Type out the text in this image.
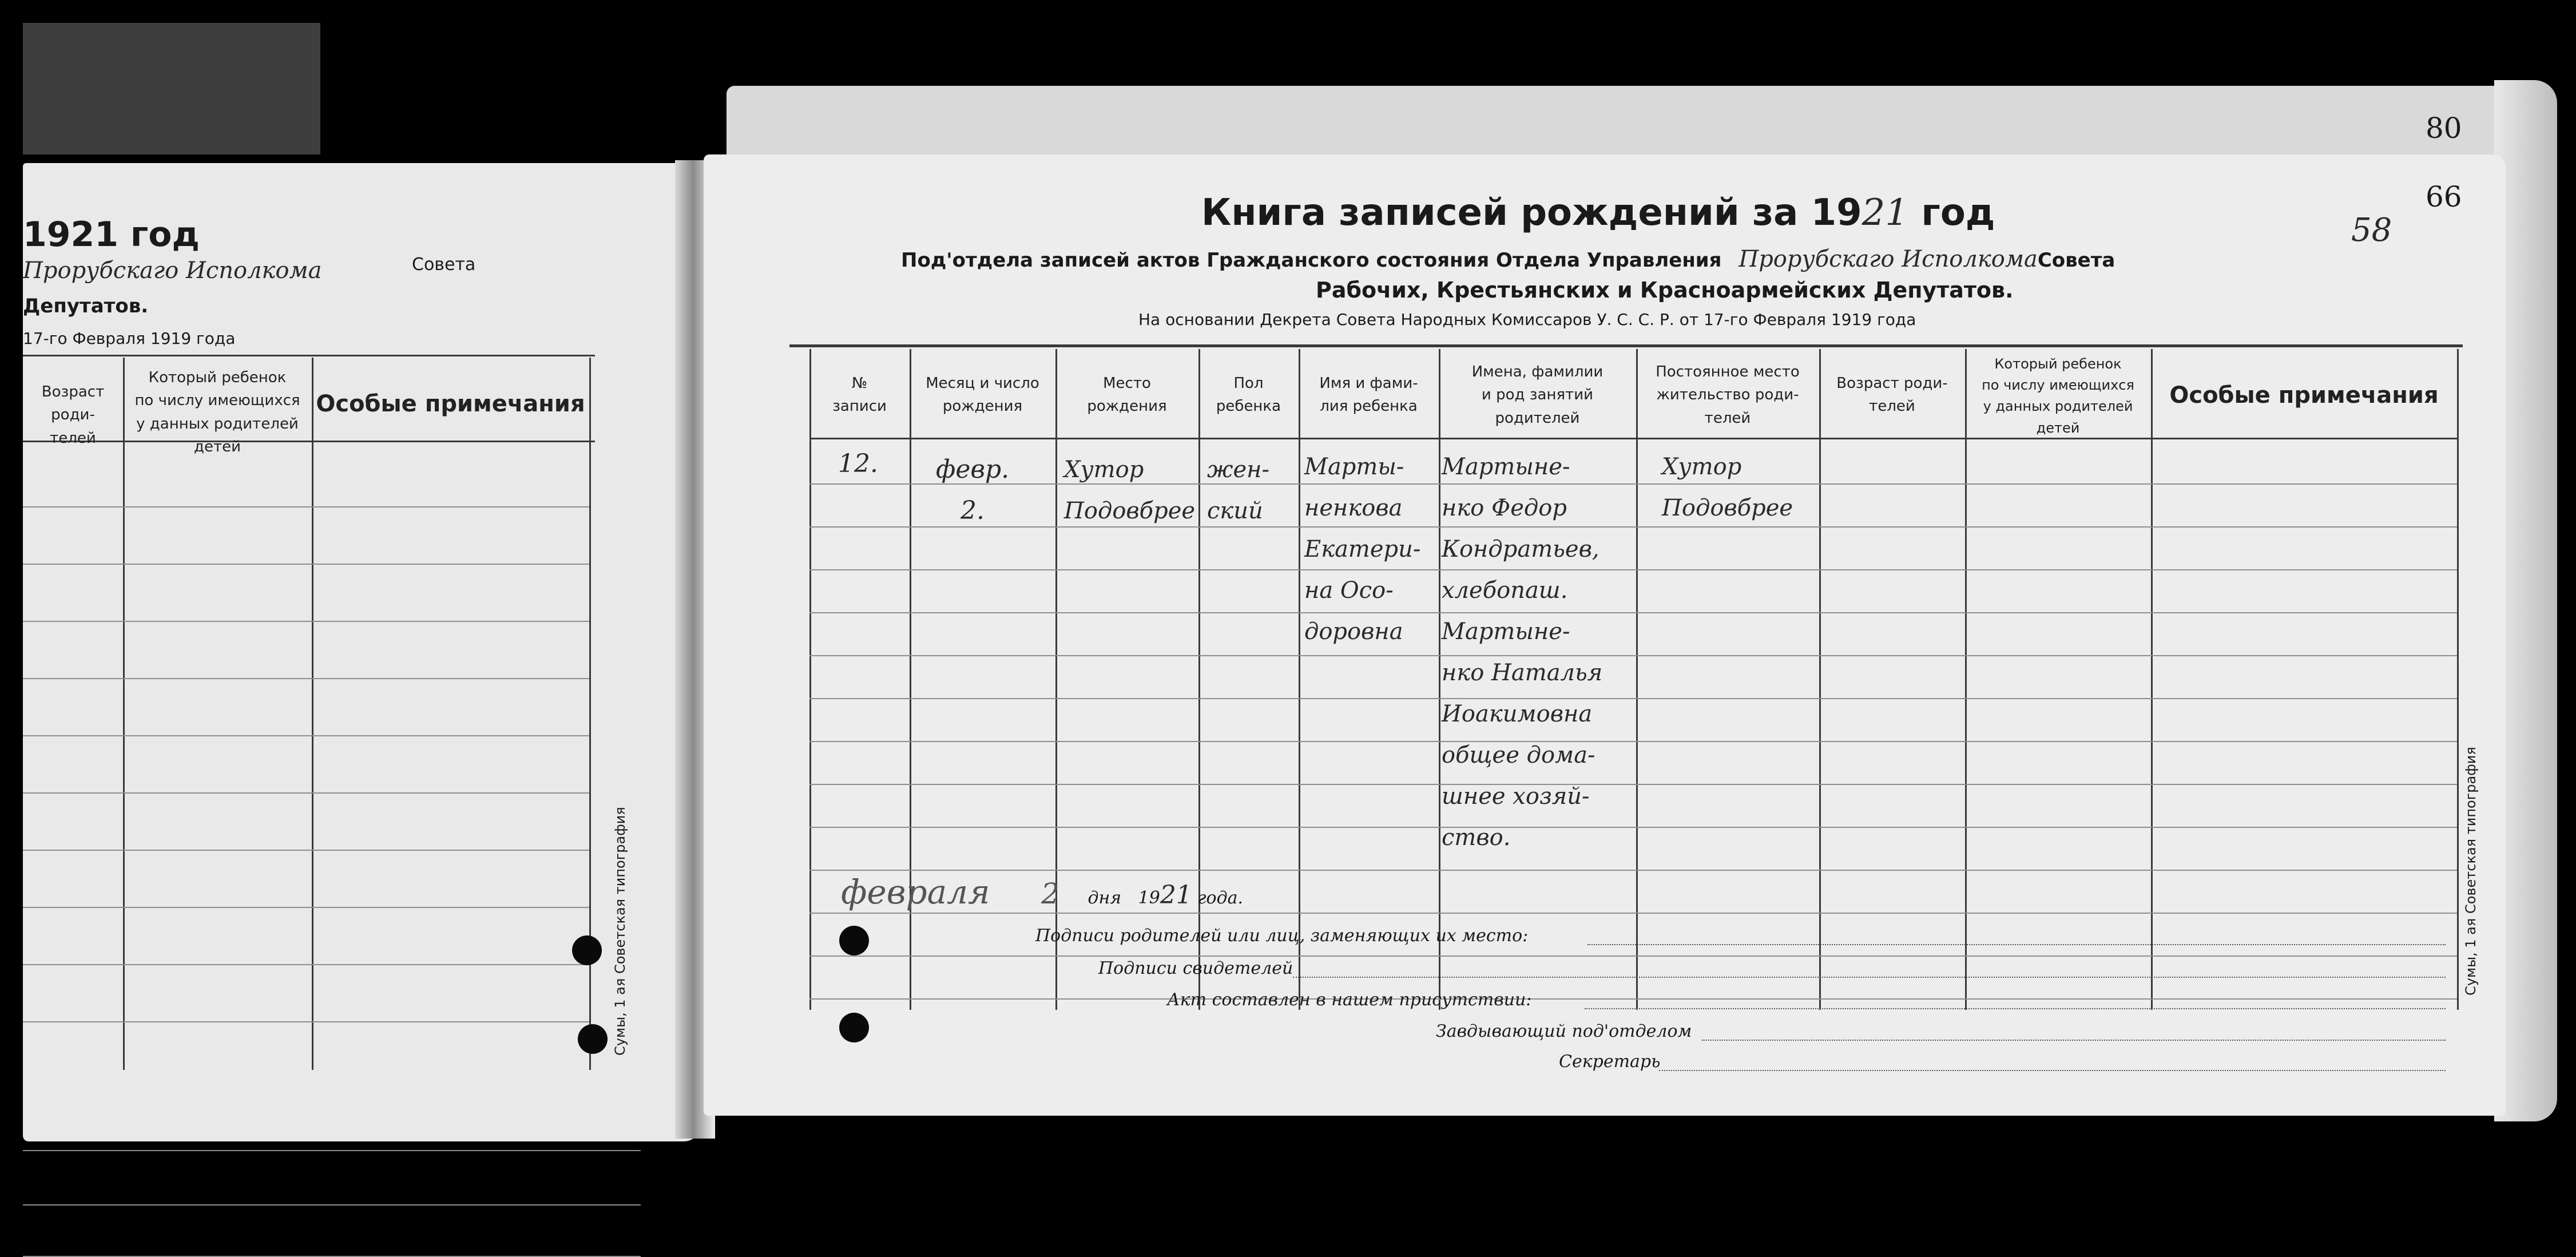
1921 год
Прорубскаго Исполкома	Совета
Депутатов.
17-го Февраля 1919 года
Возраст роди-
телей
Который ребенок
по числу имеющихся
у данных родителей
детей
Особые примечания
Сумы, 1 ая Советская типография
80
66
58
Книга записей рождений за 1921 год
Под'отдела записей актов Гражданского состояния Отдела Управления Прорубскаго ИсполкомаСовета
Рабочих, Крестьянских и Красноармейских Депутатов.
На основании Декрета Совета Народных Комиссаров У. С. С. Р. от 17-го Февраля 1919 года
№
записи
Месяц и число
рождения
Место
рождения
Пол
ребенка
Имя и фами-
лия ребенка
Имена, фамилии
и род занятий
родителей
Постоянное место
жительство роди-
телей
Возраст роди-
телей
Который ребенок
по числу имеющихся
у данных родителей
детей
Особые примечания
12.	февр.
2.
Хутор
Подовбрее
жен-
ский
Марты-
ненкова
Екатери-
на Осо-
доровна
Мартыне-
нко Федор
Кондратьев,
хлебопаш.
Мартыне-
нко Наталья
Иоакимовна
общее дома-
шнее хозяй-
ство.
Хутор
Подовбрее
Сумы, 1 ая Советская типография
февраля 2 дня 1921 года.
Подписи родителей или лиц, заменяющих их место:
Подписи свидетелей
Акт составлен в нашем присутствии:
Завдывающий под'отделом
Секретарь
